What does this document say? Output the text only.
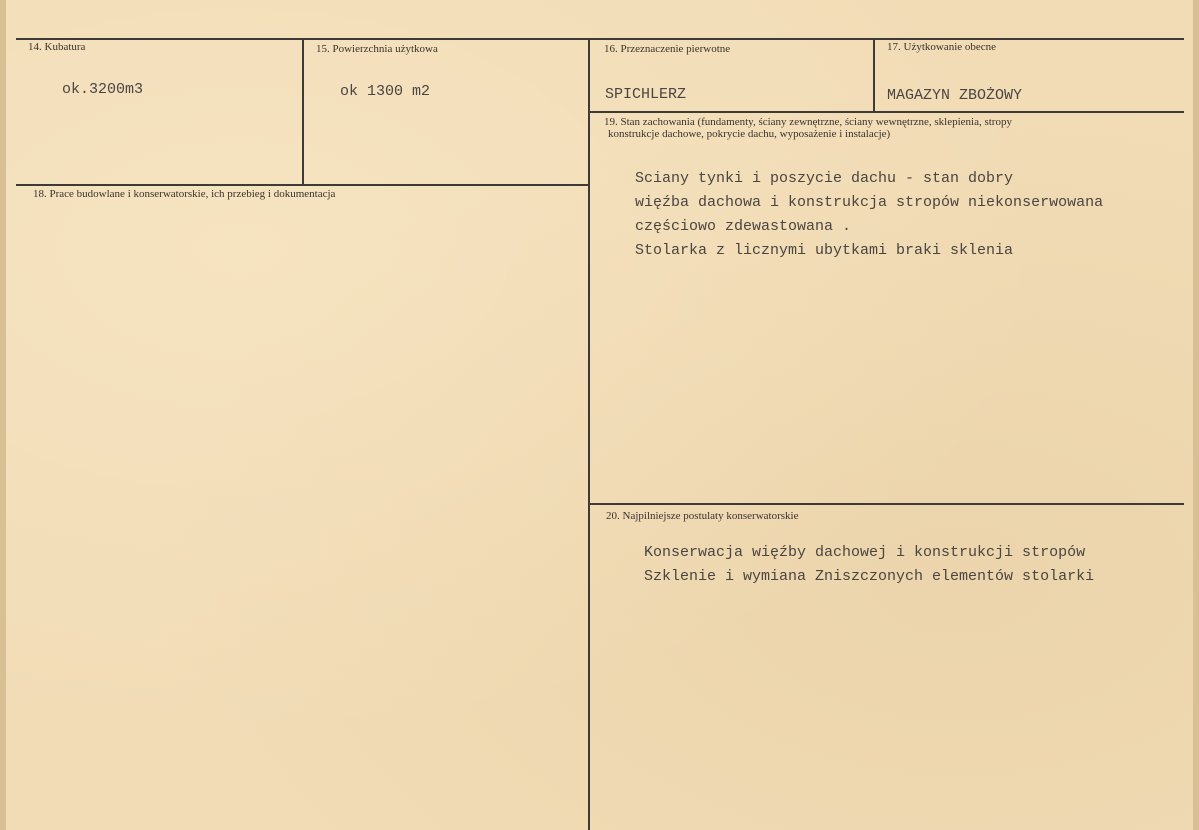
14. Kubatura
ok.3200m3
15. Powierzchnia użytkowa
ok 1300 m2
16. Przeznaczenie pierwotne
SPICHLERZ
17. Użytkowanie obecne
MAGAZYN ZBOŻOWY
18. Prace budowlane i konserwatorskie, ich przebieg i dokumentacja
19. Stan zachowania (fundamenty, ściany zewnętrzne, ściany wewnętrzne, sklepienia, stropy
konstrukcje dachowe, pokrycie dachu, wyposażenie i instalacje)
Sciany tynki i poszycie dachu - stan dobry
więźba dachowa i konstrukcja stropów niekonserwowana
częściowo zdewastowana .
Stolarka z licznymi ubytkami braki sklenia
20. Najpilniejsze postulaty konserwatorskie
Konserwacja więźby dachowej i konstrukcji stropów
Szklenie i wymiana Zniszczonych elementów stolarki
